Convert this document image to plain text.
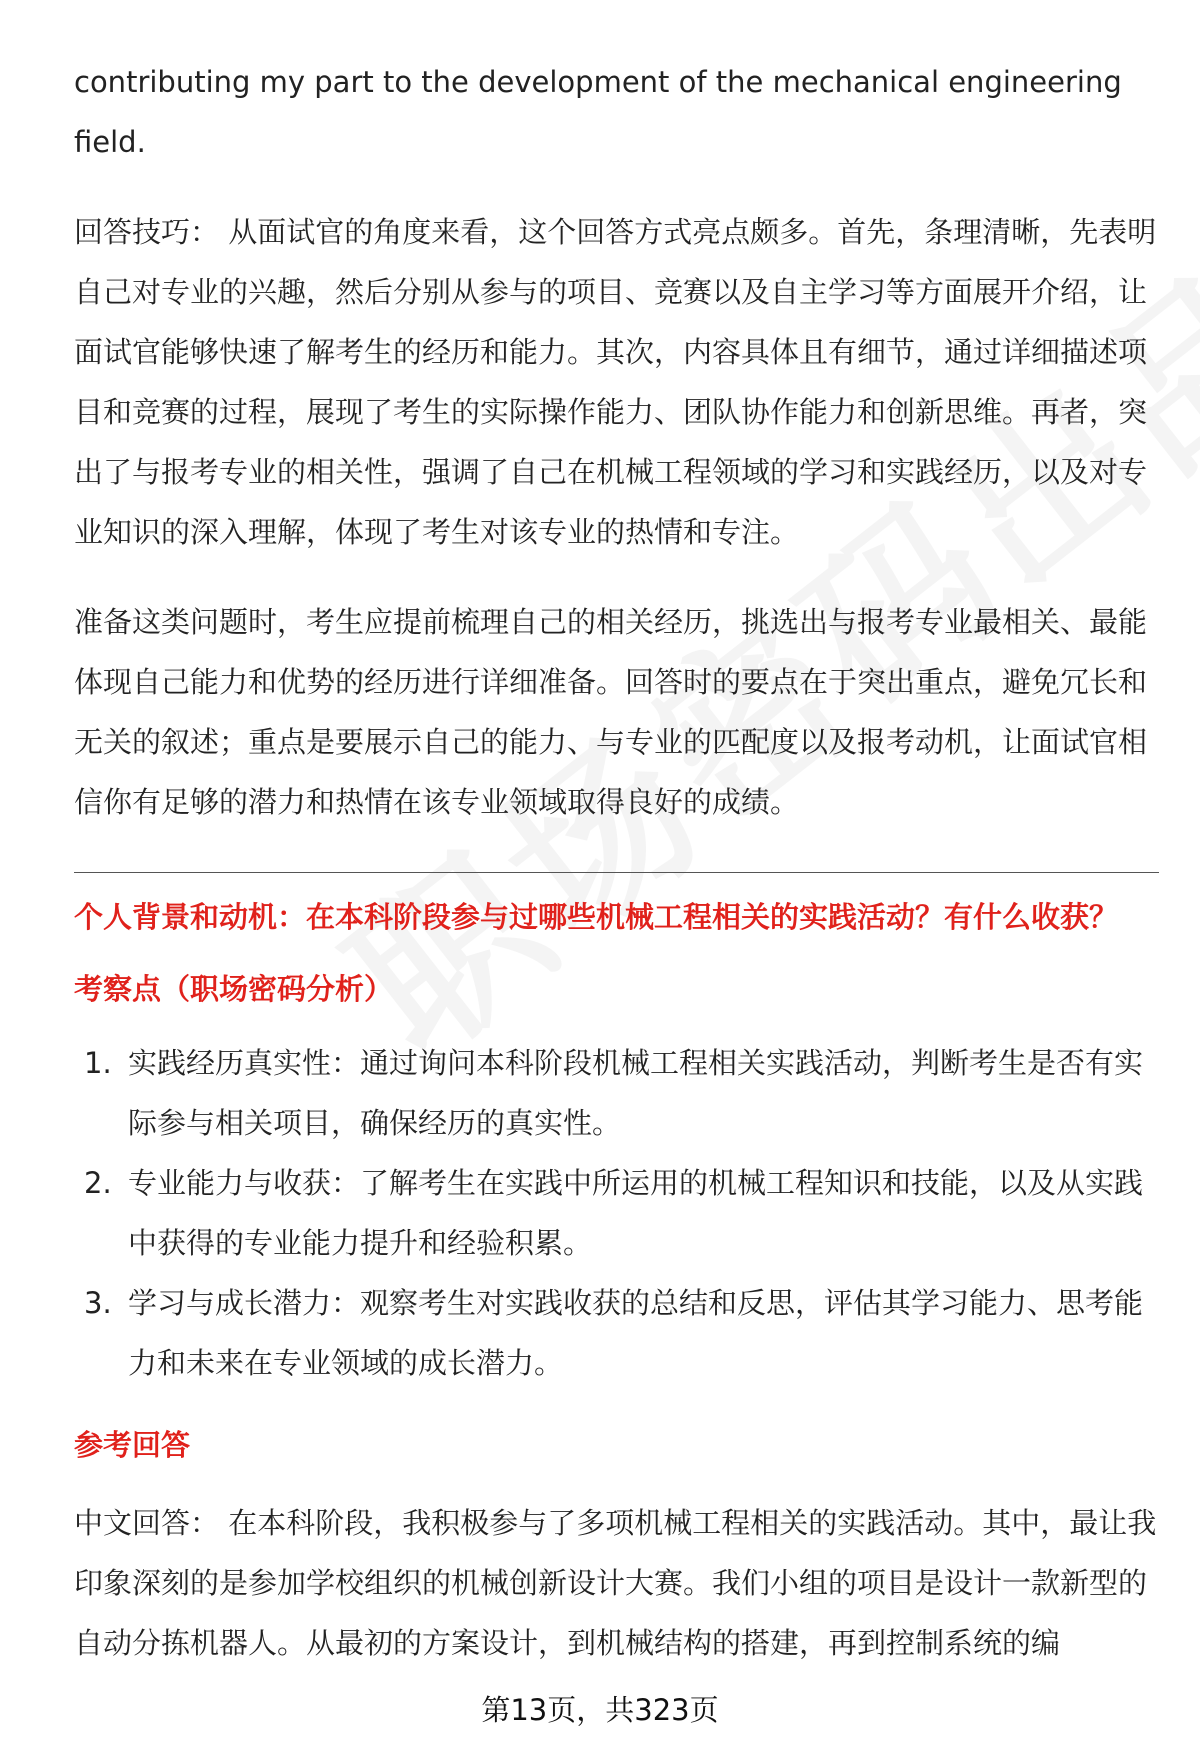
contributing my part to the development of the mechanical engineering field.

回答技巧： 从面试官的角度来看，这个回答方式亮点颇多。首先，条理清晰，先表明自己对专业的兴趣，然后分别从参与的项目、竞赛以及自主学习等方面展开介绍，让面试官能够快速了解考生的经历和能力。其次，内容具体且有细节，通过详细描述项目和竞赛的过程，展现了考生的实际操作能力、团队协作能力和创新思维。再者，突出了与报考专业的相关性，强调了自己在机械工程领域的学习和实践经历，以及对专业知识的深入理解，体现了考生对该专业的热情和专注。

准备这类问题时，考生应提前梳理自己的相关经历，挑选出与报考专业最相关、最能体现自己能力和优势的经历进行详细准备。回答时的要点在于突出重点，避免冗长和无关的叙述；重点是要展示自己的能力、与专业的匹配度以及报考动机，让面试官相信你有足够的潜力和热情在该专业领域取得良好的成绩。

个人背景和动机：在本科阶段参与过哪些机械工程相关的实践活动？有什么收获？
考察点（职场密码分析）
1. 实践经历真实性：通过询问本科阶段机械工程相关实践活动，判断考生是否有实际参与相关项目，确保经历的真实性。
2. 专业能力与收获：了解考生在实践中所运用的机械工程知识和技能，以及从实践中获得的专业能力提升和经验积累。
3. 学习与成长潜力：观察考生对实践收获的总结和反思，评估其学习能力、思考能力和未来在专业领域的成长潜力。
参考回答

中文回答： 在本科阶段，我积极参与了多项机械工程相关的实践活动。其中，最让我印象深刻的是参加学校组织的机械创新设计大赛。我们小组的项目是设计一款新型的自动分拣机器人。从最初的方案设计，到机械结构的搭建，再到控制系统的编

第13页，共323页
